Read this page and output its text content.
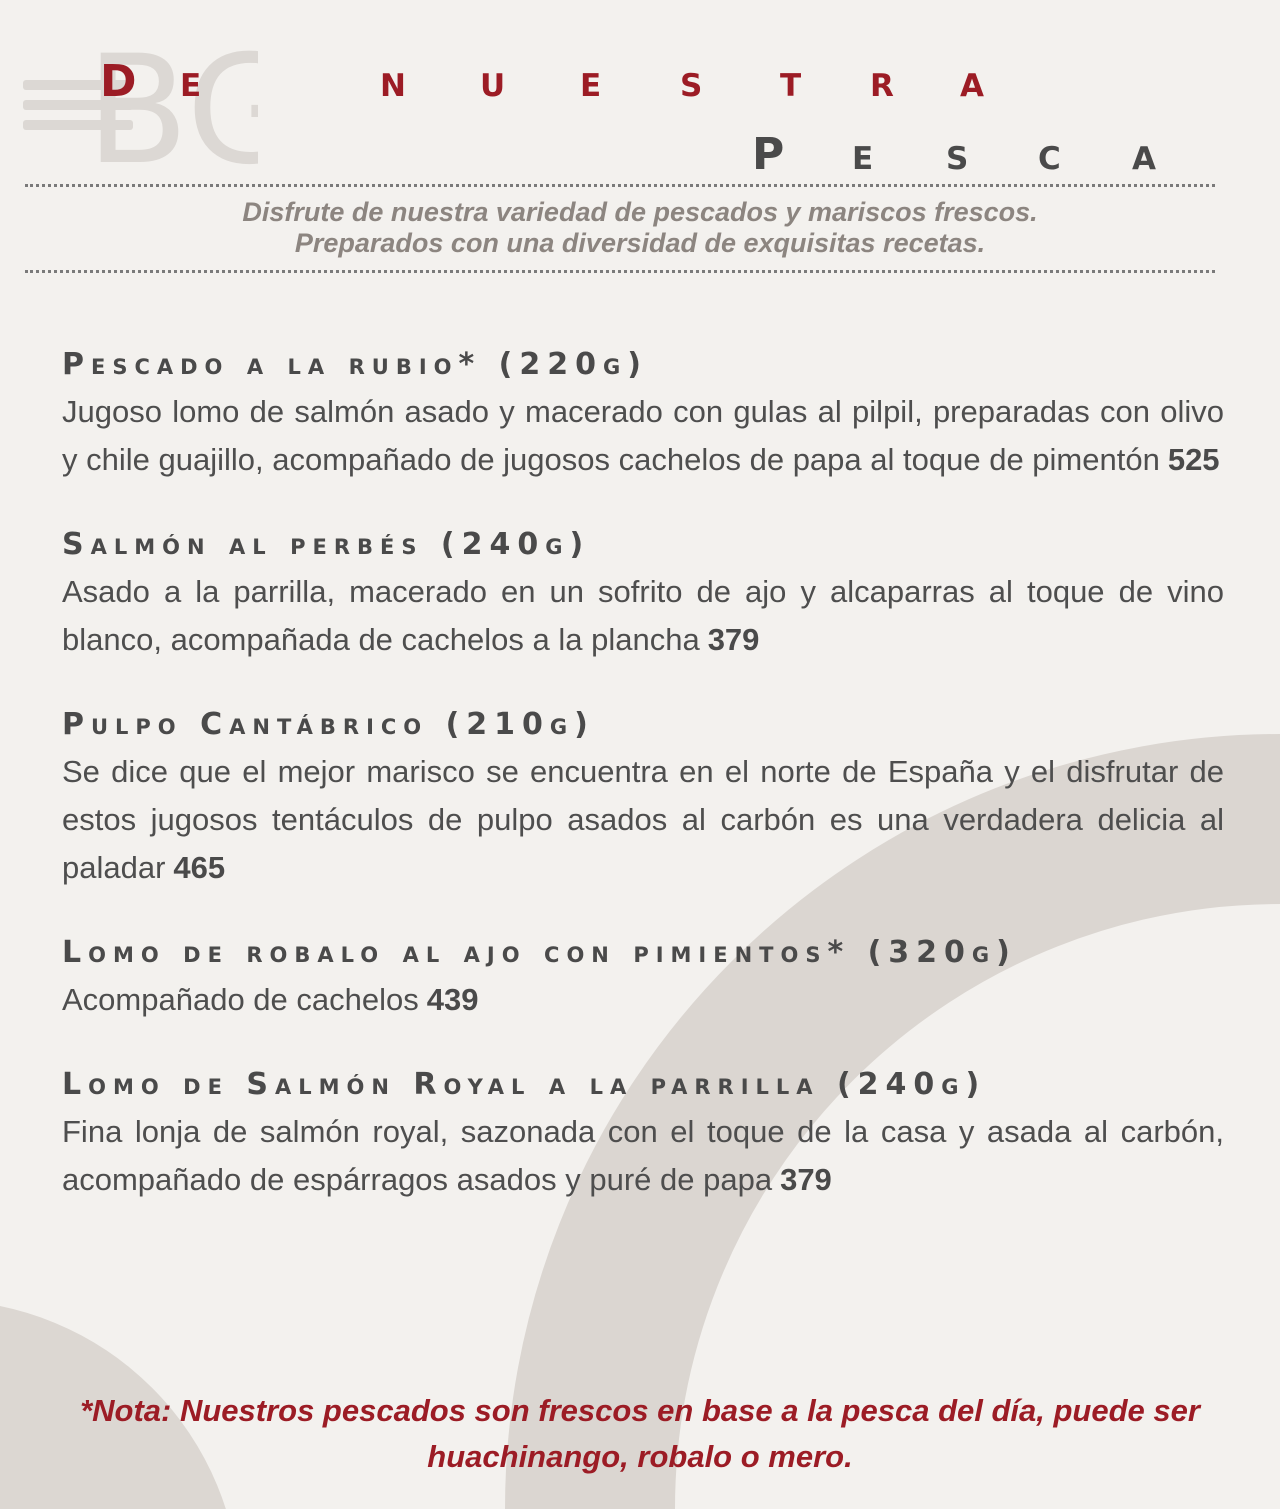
BG
D e	n u e s t r a
P e s c a
Disfrute de nuestra variedad de pescados y mariscos frescos.
Preparados con una diversidad de exquisitas recetas.
Pescado a la rubio* (220g)

Jugoso lomo de salmón asado y macerado con gulas al pilpil, preparadas con olivo y chile guajillo, acompañado de jugosos cachelos de papa al toque de pimentón 525

Salmón al perbés (240g)

Asado a la parrilla, macerado en un sofrito de ajo y alcaparras al toque de vino blanco, acompañada de cachelos a la plancha 379

Pulpo Cantábrico (210g)

Se dice que el mejor marisco se encuentra en el norte de España y el disfrutar de estos jugosos tentáculos de pulpo asados al carbón es una verdadera delicia al paladar 465

Lomo de robalo al ajo con pimientos* (320g)

Acompañado de cachelos 439

Lomo de Salmón Royal a la parrilla (240g)

Fina lonja de salmón royal, sazonada con el toque de la casa y asada al carbón, acompañado de espárragos asados y puré de papa 379

*Nota: Nuestros pescados son frescos en base a la pesca del día, puede ser
huachinango, robalo o mero.
